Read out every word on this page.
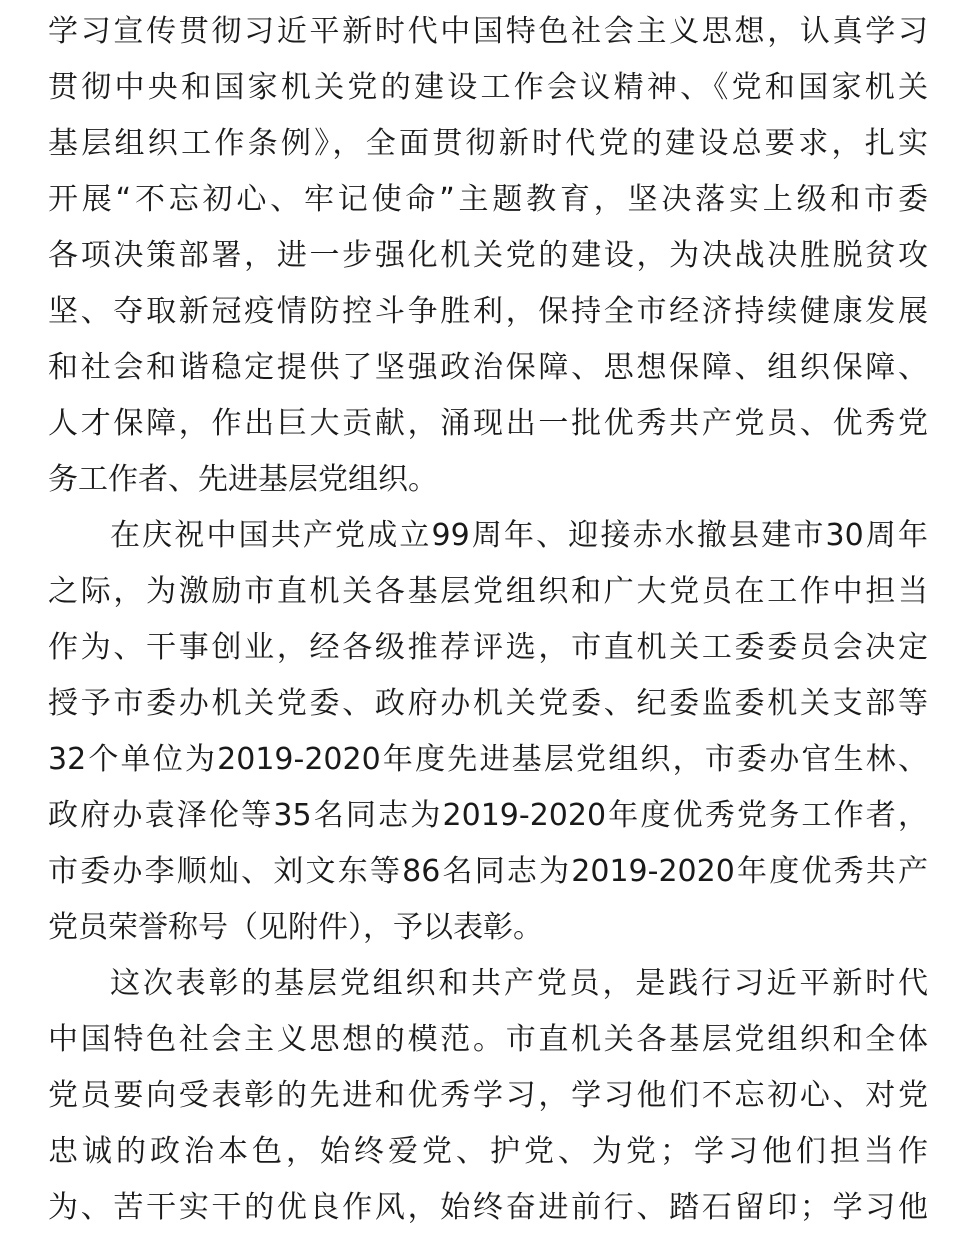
学习宣传贯彻习近平新时代中国特色社会主义思想，认真学习
贯彻中央和国家机关党的建设工作会议精神、《党和国家机关
基层组织工作条例》，全面贯彻新时代党的建设总要求，扎实
开展“不忘初心、牢记使命”主题教育，坚决落实上级和市委
各项决策部署，进一步强化机关党的建设，为决战决胜脱贫攻
坚、夺取新冠疫情防控斗争胜利，保持全市经济持续健康发展
和社会和谐稳定提供了坚强政治保障、思想保障、组织保障、
人才保障，作出巨大贡献，涌现出一批优秀共产党员、优秀党
务工作者、先进基层党组织。
在庆祝中国共产党成立99周年、迎接赤水撤县建市30周年
之际，为激励市直机关各基层党组织和广大党员在工作中担当
作为、干事创业，经各级推荐评选，市直机关工委委员会决定
授予市委办机关党委、政府办机关党委、纪委监委机关支部等
32个单位为2019-2020年度先进基层党组织，市委办官生林、
政府办袁泽伦等35名同志为2019-2020年度优秀党务工作者，
市委办李顺灿、刘文东等86名同志为2019-2020年度优秀共产
党员荣誉称号（见附件），予以表彰。
这次表彰的基层党组织和共产党员，是践行习近平新时代
中国特色社会主义思想的模范。市直机关各基层党组织和全体
党员要向受表彰的先进和优秀学习，学习他们不忘初心、对党
忠诚的政治本色，始终爱党、护党、为党；学习他们担当作
为、苦干实干的优良作风，始终奋进前行、踏石留印；学习他
